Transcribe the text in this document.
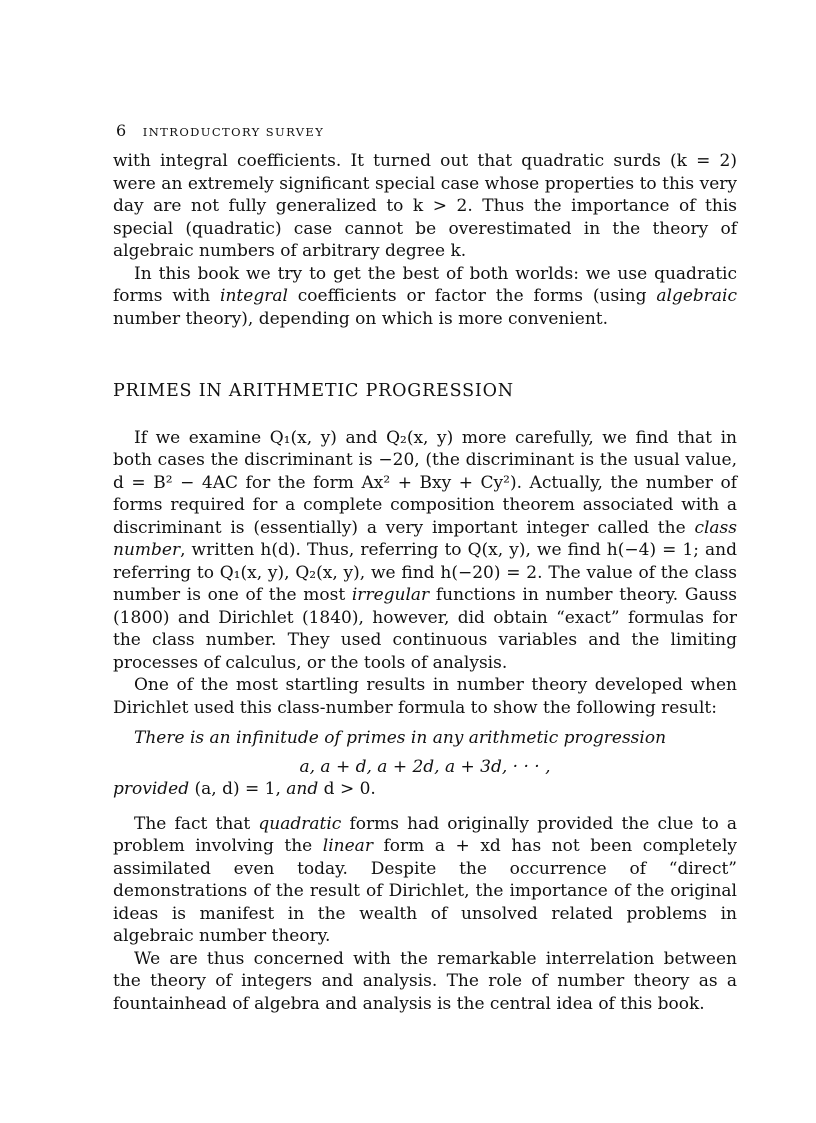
6 INTRODUCTORY SURVEY

with integral coefficients. It turned out that quadratic surds (k = 2) were an extremely significant special case whose properties to this very day are not fully generalized to k > 2. Thus the importance of this special (quadratic) case cannot be overestimated in the theory of algebraic numbers of arbitrary degree k.

In this book we try to get the best of both worlds: we use quadratic forms with integral coefficients or factor the forms (using algebraic number theory), depending on which is more convenient.

PRIMES IN ARITHMETIC PROGRESSION

If we examine Q₁(x, y) and Q₂(x, y) more carefully, we find that in both cases the discriminant is −20, (the discriminant is the usual value, d = B² − 4AC for the form Ax² + Bxy + Cy²). Actually, the number of forms required for a complete composition theorem associated with a discriminant is (essentially) a very important integer called the class number, written h(d). Thus, referring to Q(x, y), we find h(−4) = 1; and referring to Q₁(x, y), Q₂(x, y), we find h(−20) = 2. The value of the class number is one of the most irregular functions in number theory. Gauss (1800) and Dirichlet (1840), however, did obtain “exact” formulas for the class number. They used continuous variables and the limiting processes of calculus, or the tools of analysis.

One of the most startling results in number theory developed when Dirichlet used this class-number formula to show the following result:

There is an infinitude of primes in any arithmetic progression

a, a + d, a + 2d, a + 3d, · · · ,

provided (a, d) = 1, and d > 0.

The fact that quadratic forms had originally provided the clue to a problem involving the linear form a + xd has not been completely assimilated even today. Despite the occurrence of “direct” demonstrations of the result of Dirichlet, the importance of the original ideas is manifest in the wealth of unsolved related problems in algebraic number theory.

We are thus concerned with the remarkable interrelation between the theory of integers and analysis. The role of number theory as a fountainhead of algebra and analysis is the central idea of this book.
